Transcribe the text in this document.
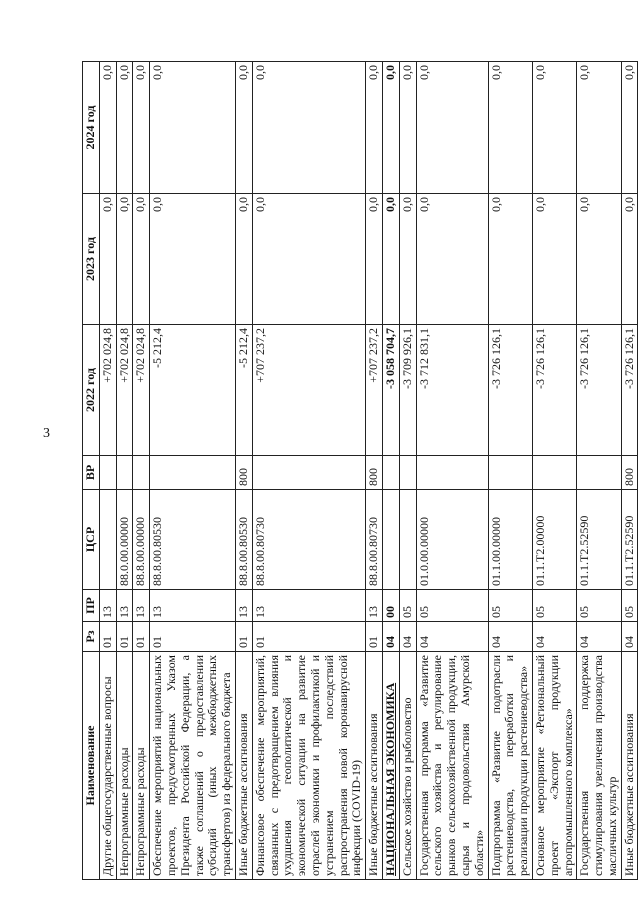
3
Наименование	Рз	ПР	ЦСР	ВР	2022 год	2023 год	2024 год
Другие общегосударственные вопросы	01	13			+702 024,8	0,0	0,0
Непрограммные расходы	01	13	88.0.00.00000		+702 024,8	0,0	0,0
Непрограммные расходы	01	13	88.8.00.00000		+702 024,8	0,0	0,0
Обеспечение мероприятий национальных проектов, предусмотренных Указом Президента Российской Федерации, а также соглашений о предоставлении субсидий (иных межбюджетных трансфертов) из федерального бюджета	01	13	88.8.00.80530		-5 212,4	0,0	0,0
Иные бюджетные ассигнования	01	13	88.8.00.80530	800	-5 212,4	0,0	0,0
Финансовое обеспечение мероприятий, связанных с предотвращением влияния ухудшения геополитической и экономической ситуации на развитие отраслей экономики и профилактикой и устранением последствий распространения новой коронавирусной инфекции (COVID-19)	01	13	88.8.00.80730		+707 237,2	0,0	0,0
Иные бюджетные ассигнования	01	13	88.8.00.80730	800	+707 237,2	0,0	0,0
НАЦИОНАЛЬНАЯ ЭКОНОМИКА	04	00			-3 058 704,7	0,0	0,0
Сельское хозяйство и рыболовство	04	05			-3 709 926,1	0,0	0,0
Государственная программа «Развитие сельского хозяйства и регулирование рынков сельскохозяйственной продукции, сырья и продовольствия Амурской области»	04	05	01.0.00.00000		-3 712 831,1	0,0	0,0
Подпрограмма «Развитие подотрасли растениеводства, переработки и реализации продукции растениеводства»	04	05	01.1.00.00000		-3 726 126,1	0,0	0,0
Основное мероприятие «Региональный проект «Экспорт продукции агропромышленного комплекса»	04	05	01.1.Т2.00000		-3 726 126,1	0,0	0,0
Государственная поддержка стимулирования увеличения производства масличных культур	04	05	01.1.Т2.52590		-3 726 126,1	0,0	0,0
Иные бюджетные ассигнования	04	05	01.1.Т2.52590	800	-3 726 126,1	0,0	0,0
